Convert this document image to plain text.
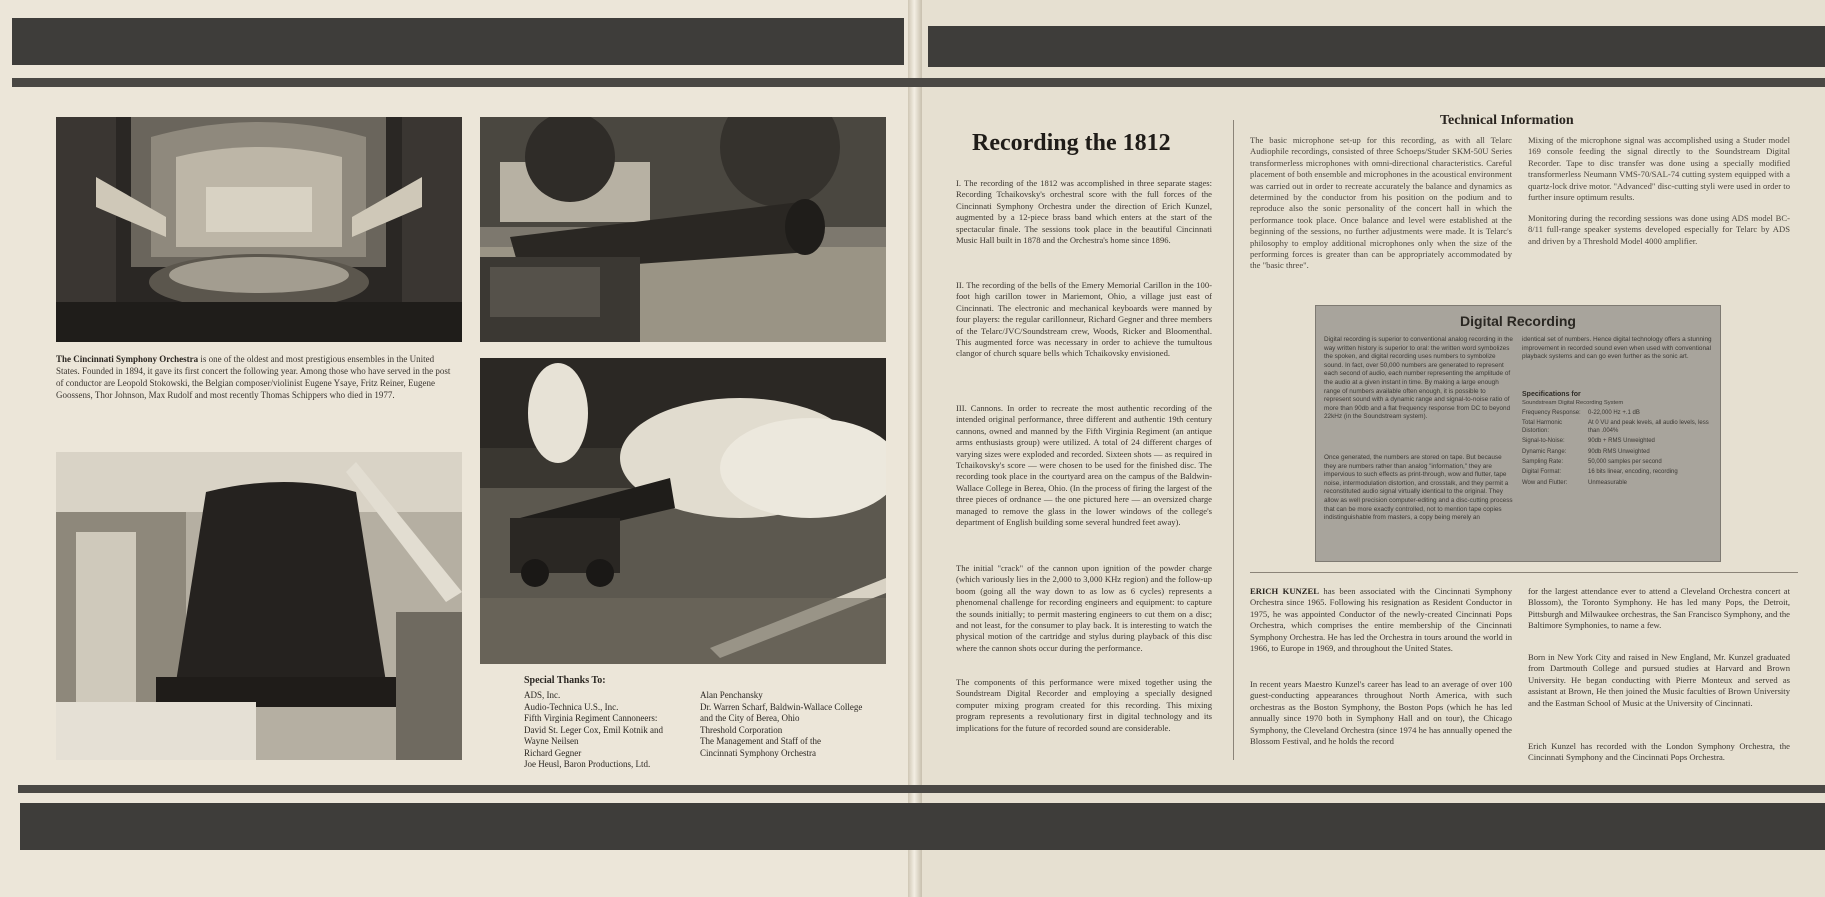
The Cincinnati Symphony Orchestra is one of the oldest and most prestigious ensembles in the United States. Founded in 1894, it gave its first concert the following year. Among those who have served in the post of conductor are Leopold Stokowski, the Belgian composer/violinist Eugene Ysaye, Fritz Reiner, Eugene Goossens, Thor Johnson, Max Rudolf and most recently Thomas Schippers who died in 1977.

Special Thanks To:
ADS, Inc.
Audio-Technica U.S., Inc.
Fifth Virginia Regiment Cannoneers:
David St. Leger Cox, Emil Kotnik and
Wayne Neilsen
Richard Gegner
Joe Heusl, Baron Productions, Ltd.
Alan Penchansky
Dr. Warren Scharf, Baldwin-Wallace College
and the City of Berea, Ohio
Threshold Corporation
The Management and Staff of the
Cincinnati Symphony Orchestra
Recording the 1812

I. The recording of the 1812 was accomplished in three separate stages: Recording Tchaikovsky's orchestral score with the full forces of the Cincinnati Symphony Orchestra under the direction of Erich Kunzel, augmented by a 12-piece brass band which enters at the start of the spectacular finale. The sessions took place in the beautiful Cincinnati Music Hall built in 1878 and the Orchestra's home since 1896.

II. The recording of the bells of the Emery Memorial Carillon in the 100-foot high carillon tower in Mariemont, Ohio, a village just east of Cincinnati. The electronic and mechanical keyboards were manned by four players: the regular carillonneur, Richard Gegner and three members of the Telarc/JVC/Soundstream crew, Woods, Ricker and Bloomenthal. This augmented force was necessary in order to achieve the tumultous clangor of church square bells which Tchaikovsky envisioned.

III. Cannons. In order to recreate the most authentic recording of the intended original performance, three different and authentic 19th century cannons, owned and manned by the Fifth Virginia Regiment (an antique arms enthusiasts group) were utilized. A total of 24 different charges of varying sizes were exploded and recorded. Sixteen shots — as required in Tchaikovsky's score — were chosen to be used for the finished disc. The recording took place in the courtyard area on the campus of the Baldwin-Wallace College in Berea, Ohio. (In the process of firing the largest of the three pieces of ordnance — the one pictured here — an oversized charge managed to remove the glass in the lower windows of the college's department of English building some several hundred feet away).

The initial "crack" of the cannon upon ignition of the powder charge (which variously lies in the 2,000 to 3,000 KHz region) and the follow-up boom (going all the way down to as low as 6 cycles) represents a phenomenal challenge for recording engineers and equipment: to capture the sounds initially; to permit mastering engineers to cut them on a disc; and not least, for the consumer to play back. It is interesting to watch the physical motion of the cartridge and stylus during playback of this disc where the cannon shots occur during the performance.

The components of this performance were mixed together using the Soundstream Digital Recorder and employing a specially designed computer mixing program created for this recording. This mixing program represents a revolutionary first in digital technology and its implications for the future of recorded sound are considerable.

Technical Information

The basic microphone set-up for this recording, as with all Telarc Audiophile recordings, consisted of three Schoeps/Studer SKM-50U Series transformerless microphones with omni-directional characteristics. Careful placement of both ensemble and microphones in the acoustical environment was carried out in order to recreate accurately the balance and dynamics as determined by the conductor from his position on the podium and to reproduce also the sonic personality of the concert hall in which the performance took place. Once balance and level were established at the beginning of the sessions, no further adjustments were made. It is Telarc's philosophy to employ additional microphones only when the size of the performing forces is greater than can be appropriately accommodated by the "basic three".

Mixing of the microphone signal was accomplished using a Studer model 169 console feeding the signal directly to the Soundstream Digital Recorder. Tape to disc transfer was done using a specially modified transformerless Neumann VMS-70/SAL-74 cutting system equipped with a quartz-lock drive motor. "Advanced" disc-cutting styli were used in order to further insure optimum results.

Monitoring during the recording sessions was done using ADS model BC-8/11 full-range speaker systems developed especially for Telarc by ADS and driven by a Threshold Model 4000 amplifier.

Digital Recording

Digital recording is superior to conventional analog recording in the way written history is superior to oral: the written word symbolizes the spoken, and digital recording uses numbers to symbolize sound. In fact, over 50,000 numbers are generated to represent each second of audio, each number representing the amplitude of the audio at a given instant in time. By making a large enough range of numbers available often enough, it is possible to represent sound with a dynamic range and signal-to-noise ratio of more than 90db and a flat frequency response from DC to beyond 22kHz (in the Soundstream system).

Once generated, the numbers are stored on tape. But because they are numbers rather than analog "information," they are impervious to such effects as print-through, wow and flutter, tape noise, intermodulation distortion, and crosstalk, and they permit a reconstituted audio signal virtually identical to the original. They allow as well precision computer-editing and a disc-cutting process that can be more exactly controlled, not to mention tape copies indistinguishable from masters, a copy being merely an

identical set of numbers. Hence digital technology offers a stunning improvement in recorded sound even when used with conventional playback systems and can go even further as the sonic art.

Specifications for
Soundstream Digital Recording System
Frequency Response:	0-22,000 Hz +.1 dB
Total Harmonic Distortion:	At 0 VU and peak levels, all audio levels, less than .004%
Signal-to-Noise:	90db + RMS Unweighted
Dynamic Range:	90db RMS Unweighted
Sampling Rate:	50,000 samples per second
Digital Format:	16 bits linear, encoding, recording
Wow and Flutter:	Unmeasurable

ERICH KUNZEL has been associated with the Cincinnati Symphony Orchestra since 1965. Following his resignation as Resident Conductor in 1975, he was appointed Conductor of the newly-created Cincinnati Pops Orchestra, which comprises the entire membership of the Cincinnati Symphony Orchestra. He has led the Orchestra in tours around the world in 1966, to Europe in 1969, and throughout the United States.

In recent years Maestro Kunzel's career has lead to an average of over 100 guest-conducting appearances throughout North America, with such orchestras as the Boston Symphony, the Boston Pops (which he has led annually since 1970 both in Symphony Hall and on tour), the Chicago Symphony, the Cleveland Orchestra (since 1974 he has annually opened the Blossom Festival, and he holds the record

for the largest attendance ever to attend a Cleveland Orchestra concert at Blossom), the Toronto Symphony. He has led many Pops, the Detroit, Pittsburgh and Milwaukee orchestras, the San Francisco Symphony, and the Baltimore Symphonies, to name a few.

Born in New York City and raised in New England, Mr. Kunzel graduated from Dartmouth College and pursued studies at Harvard and Brown University. He began conducting with Pierre Monteux and served as assistant at Brown, He then joined the Music faculties of Brown University and the Eastman School of Music at the University of Cincinnati.

Erich Kunzel has recorded with the London Symphony Orchestra, the Cincinnati Symphony and the Cincinnati Pops Orchestra.
